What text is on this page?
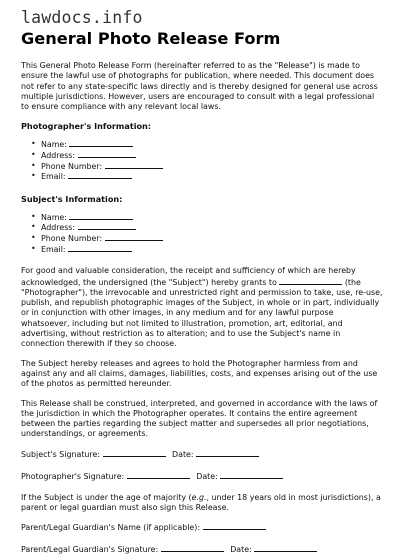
lawdocs.info
General Photo Release Form

This General Photo Release Form (hereinafter referred to as the "Release") is made to ensure the lawful use of photographs for publication, where needed. This document does not refer to any state-specific laws directly and is thereby designed for general use across multiple jurisdictions. However, users are encouraged to consult with a legal professional to ensure compliance with any relevant local laws.

Photographer's Information:
• Name:
• Address:
• Phone Number:
• Email:
Subject's Information:
• Name:
• Address:
• Phone Number:
• Email:

For good and valuable consideration, the receipt and sufficiency of which are hereby acknowledged, the undersigned (the "Subject") hereby grants to	(the "Photographer"), the irrevocable and unrestricted right and permission to take, use, re-use, publish, and republish photographic images of the Subject, in whole or in part, individually or in conjunction with other images, in any medium and for any lawful purpose whatsoever, including but not limited to illustration, promotion, art, editorial, and advertising, without restriction as to alteration; and to use the Subject's name in connection therewith if they so choose.

The Subject hereby releases and agrees to hold the Photographer harmless from and against any and all claims, damages, liabilities, costs, and expenses arising out of the use of the photos as permitted hereunder.

This Release shall be construed, interpreted, and governed in accordance with the laws of the jurisdiction in which the Photographer operates. It contains the entire agreement between the parties regarding the subject matter and supersedes all prior negotiations, understandings, or agreements.

Subject's Signature:	Date:
Photographer's Signature:	Date:

If the Subject is under the age of majority (e.g., under 18 years old in most jurisdictions), a parent or legal guardian must also sign this Release.

Parent/Legal Guardian's Name (if applicable):
Parent/Legal Guardian's Signature:	Date:
